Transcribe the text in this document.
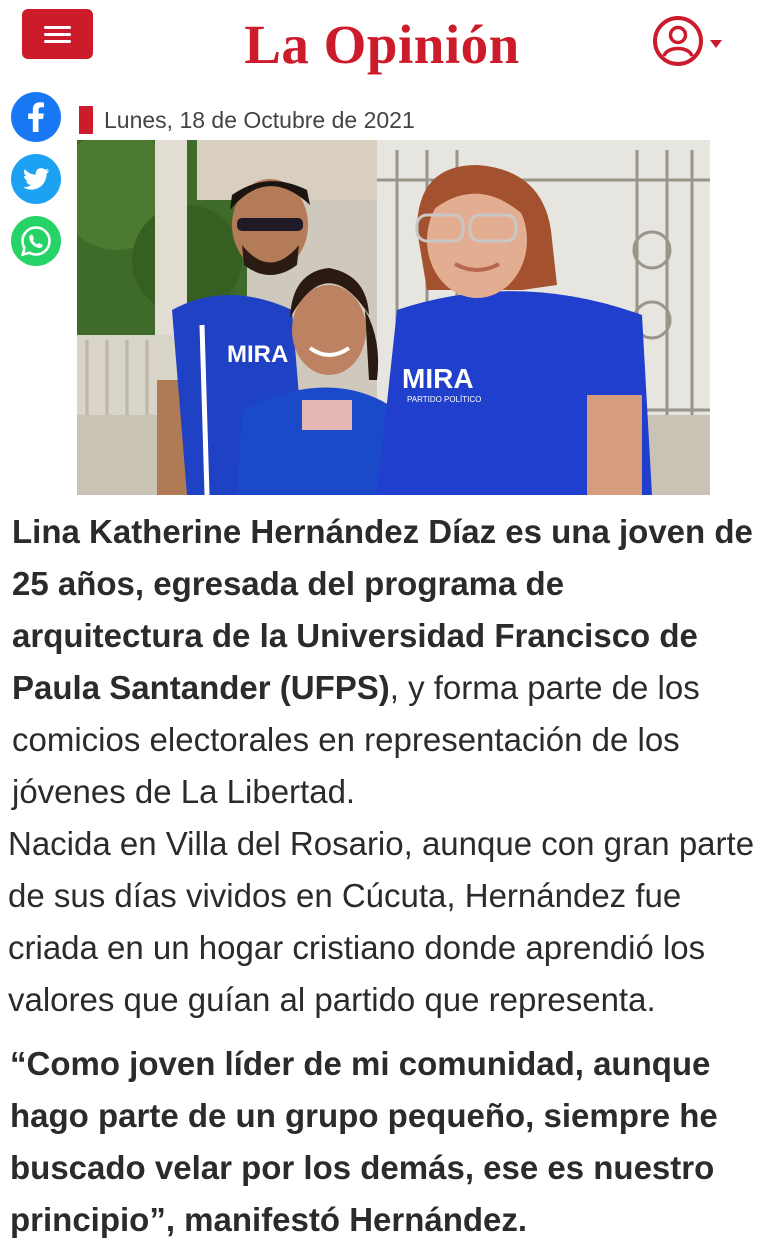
La Opinión
Lunes, 18 de Octubre de 2021
MIRA
MIRA
PARTIDO POLÍTICO

Lina Katherine Hernández Díaz es una joven de 25 años, egresada del programa de arquitectura de la Universidad Francisco de Paula Santander (UFPS), y forma parte de los comicios electorales en representación de los jóvenes de La Libertad.

Nacida en Villa del Rosario, aunque con gran parte de sus días vividos en Cúcuta, Hernández fue criada en un hogar cristiano donde aprendió los valores que guían al partido que representa.

“Como joven líder de mi comunidad, aunque hago parte de un grupo pequeño, siempre he buscado velar por los demás, ese es nuestro principio”, manifestó Hernández.
